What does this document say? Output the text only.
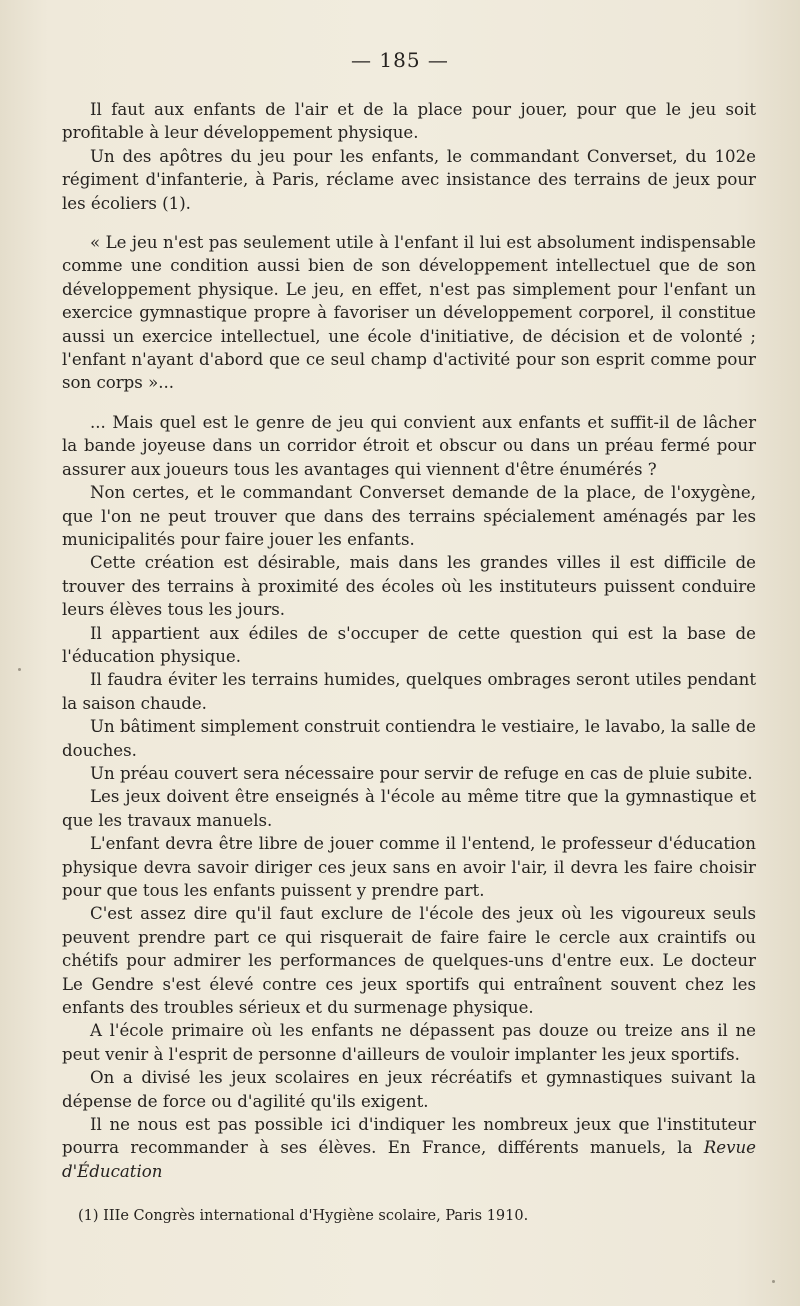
— 185 —

Il faut aux enfants de l'air et de la place pour jouer, pour que le jeu soit profitable à leur développement physique.

Un des apôtres du jeu pour les enfants, le commandant Converset, du 102e régiment d'infanterie, à Paris, réclame avec insistance des terrains de jeux pour les écoliers (1).

« Le jeu n'est pas seulement utile à l'enfant il lui est absolument indispensable comme une condition aussi bien de son développement intellectuel que de son développement physique. Le jeu, en effet, n'est pas simplement pour l'enfant un exercice gymnastique propre à favoriser un développement corporel, il constitue aussi un exercice intellectuel, une école d'initiative, de décision et de volonté ; l'enfant n'ayant d'abord que ce seul champ d'activité pour son esprit comme pour son corps »...

... Mais quel est le genre de jeu qui convient aux enfants et suffit-il de lâcher la bande joyeuse dans un corridor étroit et obscur ou dans un préau fermé pour assurer aux joueurs tous les avantages qui viennent d'être énumérés ?

Non certes, et le commandant Converset demande de la place, de l'oxygène, que l'on ne peut trouver que dans des terrains spécialement aménagés par les municipalités pour faire jouer les enfants.

Cette création est désirable, mais dans les grandes villes il est difficile de trouver des terrains à proximité des écoles où les instituteurs puissent conduire leurs élèves tous les jours.

Il appartient aux édiles de s'occuper de cette question qui est la base de l'éducation physique.

Il faudra éviter les terrains humides, quelques ombrages seront utiles pendant la saison chaude.

Un bâtiment simplement construit contiendra le vestiaire, le lavabo, la salle de douches.

Un préau couvert sera nécessaire pour servir de refuge en cas de pluie subite.

Les jeux doivent être enseignés à l'école au même titre que la gymnastique et que les travaux manuels.

L'enfant devra être libre de jouer comme il l'entend, le professeur d'éducation physique devra savoir diriger ces jeux sans en avoir l'air, il devra les faire choisir pour que tous les enfants puissent y prendre part.

C'est assez dire qu'il faut exclure de l'école des jeux où les vigoureux seuls peuvent prendre part ce qui risquerait de faire faire le cercle aux craintifs ou chétifs pour admirer les performances de quelques-uns d'entre eux. Le docteur Le Gendre s'est élevé contre ces jeux sportifs qui entraînent souvent chez les enfants des troubles sérieux et du surmenage physique.

A l'école primaire où les enfants ne dépassent pas douze ou treize ans il ne peut venir à l'esprit de personne d'ailleurs de vouloir implanter les jeux sportifs.

On a divisé les jeux scolaires en jeux récréatifs et gymnastiques suivant la dépense de force ou d'agilité qu'ils exigent.

Il ne nous est pas possible ici d'indiquer les nombreux jeux que l'instituteur pourra recommander à ses élèves. En France, différents manuels, la Revue d'Éducation

(1) IIIe Congrès international d'Hygiène scolaire, Paris 1910.
